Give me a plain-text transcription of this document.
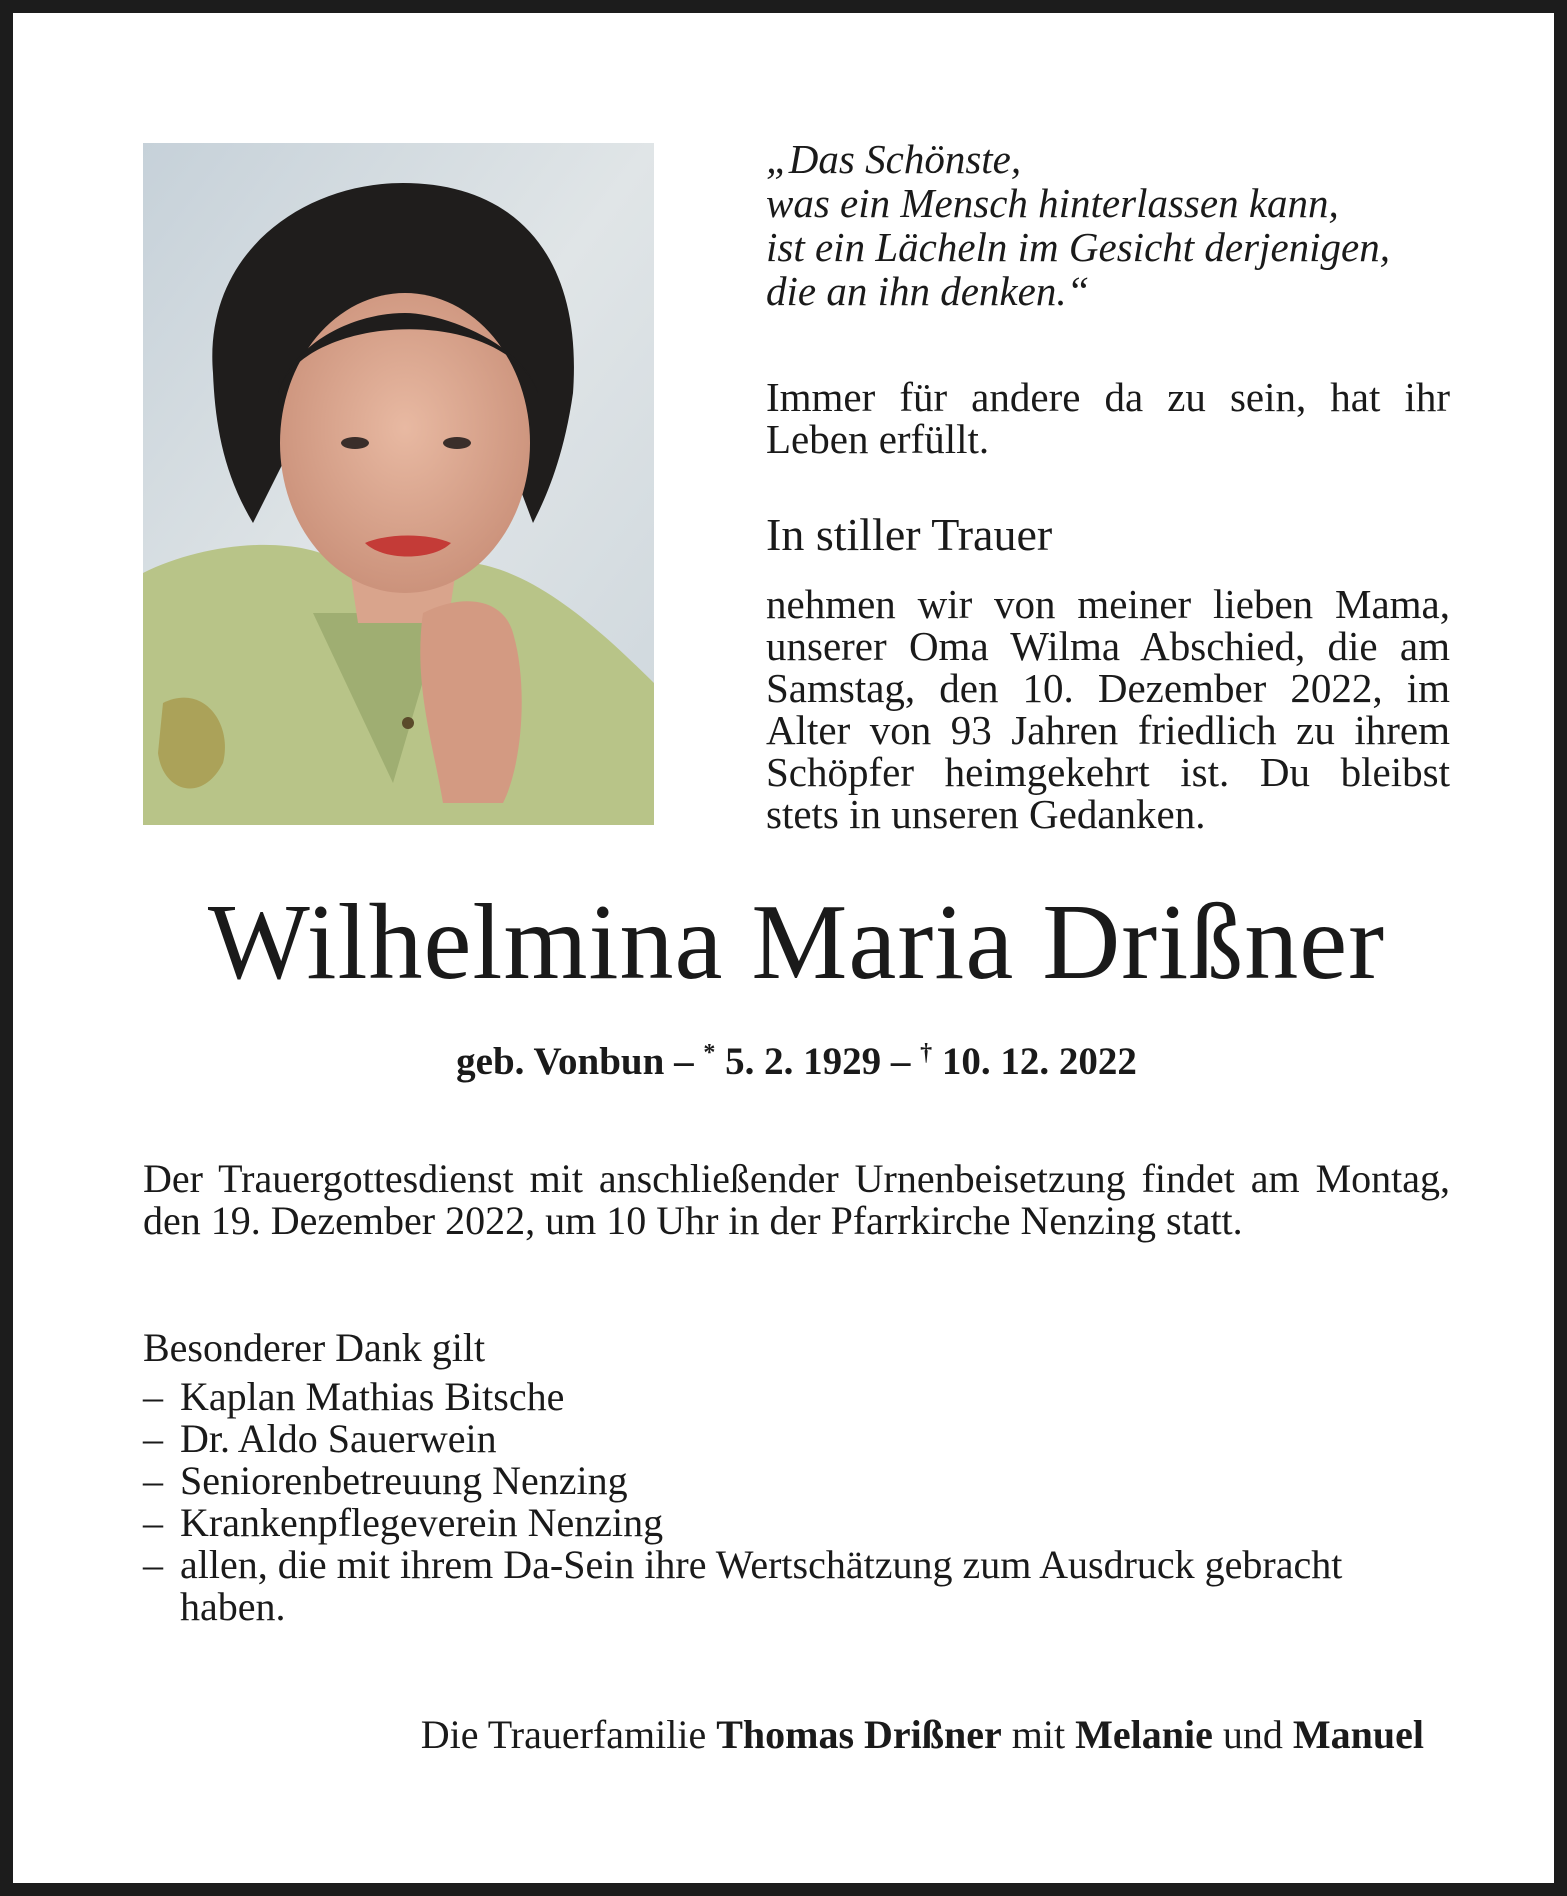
„Das Schönste,
was ein Mensch hinterlassen kann,
ist ein Lächeln im Gesicht derjenigen,
die an ihn denken.“
Immer für andere da zu sein, hat ihr Leben erfüllt.
In stiller Trauer
nehmen wir von meiner lieben Mama, unserer Oma Wilma Abschied, die am Samstag, den 10. Dezember 2022, im Alter von 93 Jahren friedlich zu ihrem Schöpfer heimgekehrt ist. Du bleibst stets in unseren Gedanken.
Wilhelmina Maria Drißner
geb. Vonbun – * 5. 2. 1929 – † 10. 12. 2022
Der Trauergottesdienst mit anschließender Urnenbeisetzung findet am Montag, den 19. Dezember 2022, um 10 Uhr in der Pfarrkirche Nenzing statt.
Besonderer Dank gilt
– Kaplan Mathias Bitsche
– Dr. Aldo Sauerwein
– Seniorenbetreuung Nenzing
– Krankenpflegeverein Nenzing
– allen, die mit ihrem Da-Sein ihre Wertschätzung zum Ausdruck gebracht haben.
Die Trauerfamilie Thomas Drißner mit Melanie und Manuel
